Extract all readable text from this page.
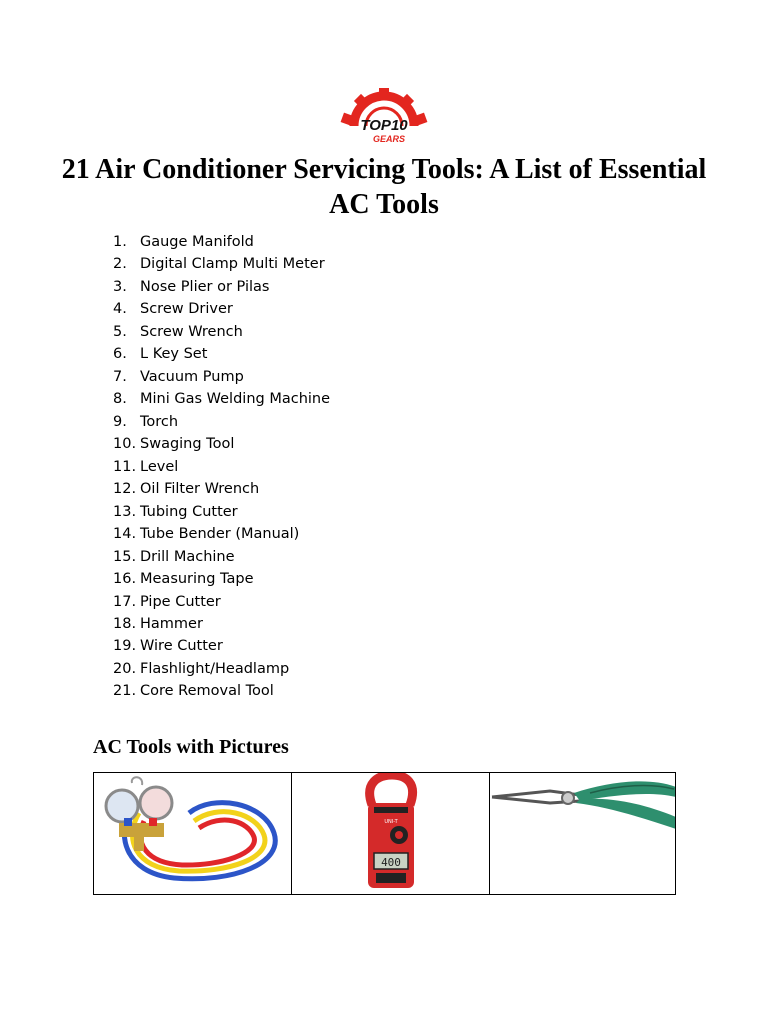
TOP10
GEARS
21 Air Conditioner Servicing Tools: A List of Essential AC Tools
1. Gauge Manifold
2. Digital Clamp Multi Meter
3. Nose Plier or Pilas
4. Screw Driver
5. Screw Wrench
6. L Key Set
7. Vacuum Pump
8. Mini Gas Welding Machine
9. Torch
10. Swaging Tool
11. Level
12. Oil Filter Wrench
13. Tubing Cutter
14. Tube Bender (Manual)
15. Drill Machine
16. Measuring Tape
17. Pipe Cutter
18. Hammer
19. Wire Cutter
20. Flashlight/Headlamp
21. Core Removal Tool
AC Tools with Pictures
UNI-T
400
